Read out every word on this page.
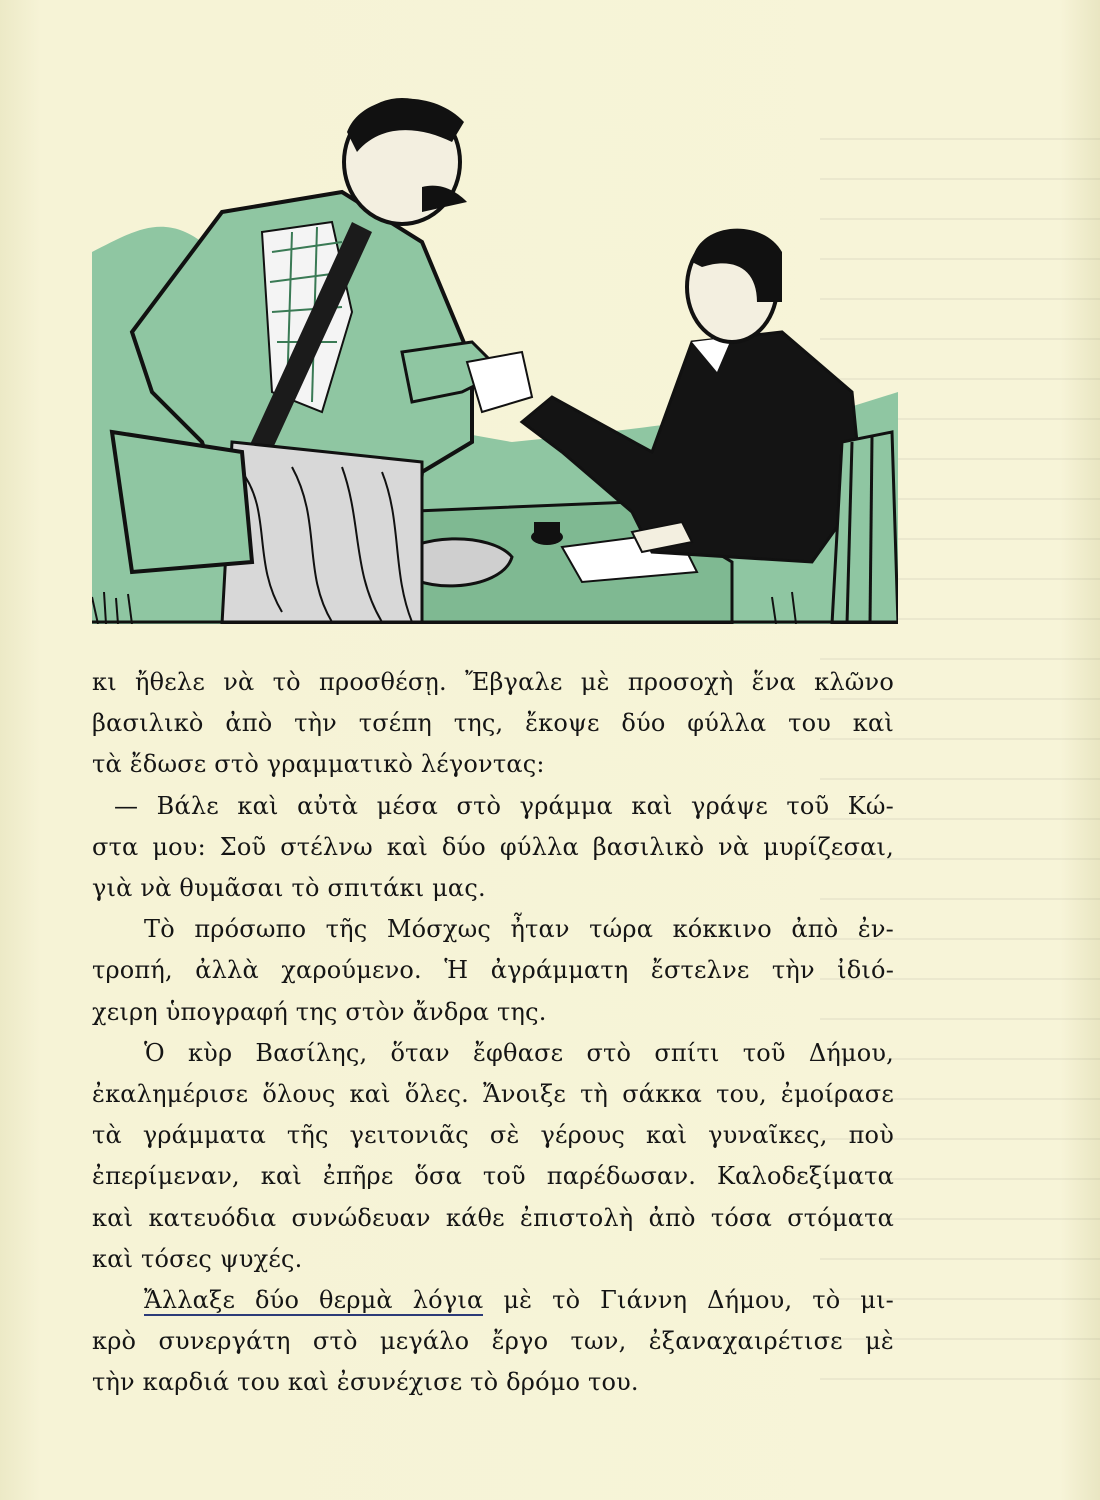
κι ἤθελε νὰ τὸ προσθέσῃ. Ἔβγαλε μὲ προσοχὴ ἕνα κλῶνο
βασιλικὸ ἀπὸ τὴν τσέπη της, ἔκοψε δύο φύλλα του καὶ
τὰ ἔδωσε στὸ γραμματικὸ λέγοντας:

— Βάλε καὶ αὐτὰ μέσα στὸ γράμμα καὶ γράψε τοῦ Κώ-
στα μου: Σοῦ στέλνω καὶ δύο φύλλα βασιλικὸ νὰ μυρίζεσαι,
γιὰ νὰ θυμᾶσαι τὸ σπιτάκι μας.

Τὸ πρόσωπο τῆς Μόσχως ἦταν τώρα κόκκινο ἀπὸ ἐν-
τροπή, ἀλλὰ χαρούμενο. Ἡ ἀγράμματη ἔστελνε τὴν ἰδιό-
χειρη ὑπογραφή της στὸν ἄνδρα της.

Ὁ κὺρ Βασίλης, ὅταν ἔφθασε στὸ σπίτι τοῦ Δήμου,
ἐκαλημέρισε ὅλους καὶ ὅλες. Ἄνοιξε τὴ σάκκα του, ἐμοίρασε
τὰ γράμματα τῆς γειτονιᾶς σὲ γέρους καὶ γυναῖκες, ποὺ
ἐπερίμεναν, καὶ ἐπῆρε ὅσα τοῦ παρέδωσαν. Καλοδεξίματα
καὶ κατευόδια συνώδευαν κάθε ἐπιστολὴ ἀπὸ τόσα στόματα
καὶ τόσες ψυχές.

Ἄλλαξε δύο θερμὰ λόγια μὲ τὸ Γιάννη Δήμου, τὸ μι-
κρὸ συνεργάτη στὸ μεγάλο ἔργο των, ἐξαναχαιρέτισε μὲ
τὴν καρδιά του καὶ ἐσυνέχισε τὸ δρόμο του.
